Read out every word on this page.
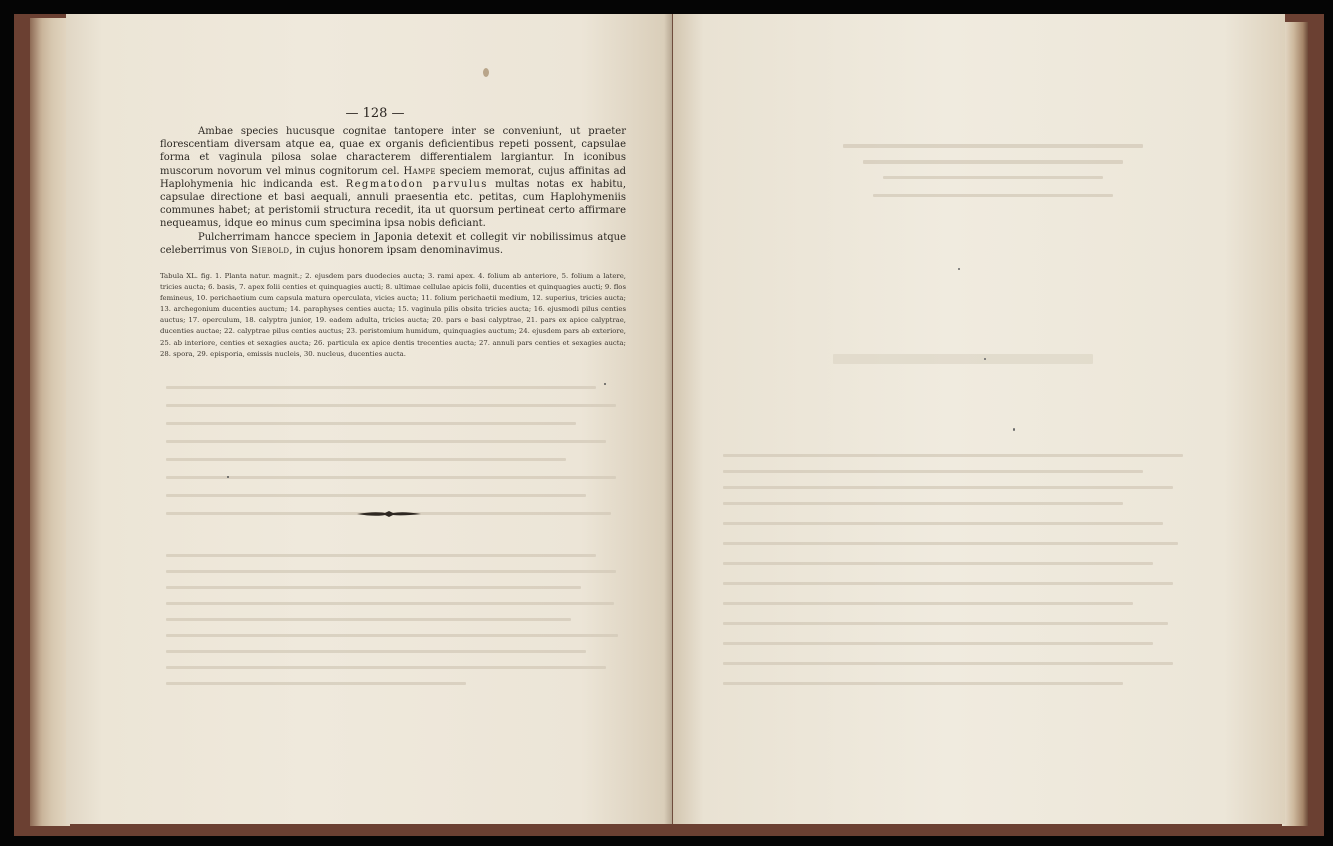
— 128 —

Ambae species hucusque cognitae tantopere inter se conveniunt, ut praeter florescentiam diversam atque ea, quae ex organis deficientibus repeti possent, capsulae forma et vaginula pilosa solae characterem differentialem largiantur. In iconibus muscorum novorum vel minus cognitorum cel. Hampe speciem memorat, cujus affinitas ad Haplohymenia hic indicanda est. Regmatodon parvulus multas notas ex habitu, capsulae directione et basi aequali, annuli praesentia etc. petitas, cum Haplohymeniis communes habet; at peristomii structura recedit, ita ut quorsum pertineat certo affirmare nequeamus, idque eo minus cum specimina ipsa nobis deficiant.

Pulcherrimam hancce speciem in Japonia detexit et collegit vir nobilissimus atque celeberrimus von Siebold, in cujus honorem ipsam denominavimus.

Tabula XL. fig. 1. Planta natur. magnit.; 2. ejusdem pars duodecies aucta; 3. rami apex. 4. folium ab anteriore, 5. folium a latere, tricies aucta; 6. basis, 7. apex folii centies et quinquagies aucti; 8. ultimae cellulae apicis folii, ducenties et quinquagies aucti; 9. flos femineus, 10. perichaetium cum capsula matura operculata, vicies aucta; 11. folium perichaetii medium, 12. superius, tricies aucta; 13. archegonium ducenties auctum; 14. paraphyses centies aucta; 15. vaginula pilis obsita tricies aucta; 16. ejusmodi pilus centies auctus; 17. operculum, 18. calyptra junior, 19. eadem adulta, tricies aucta; 20. pars e basi calyptrae, 21. pars ex apice calyptrae, ducenties auctae; 22. calyptrae pilus centies auctus; 23. peristomium humidum, quinquagies auctum; 24. ejusdem pars ab exteriore, 25. ab interiore, centies et sexagies aucta; 26. particula ex apice dentis trecenties aucta; 27. annuli pars centies et sexagies aucta; 28. spora, 29. episporia, emissis nucleis, 30. nucleus, ducenties aucta.
